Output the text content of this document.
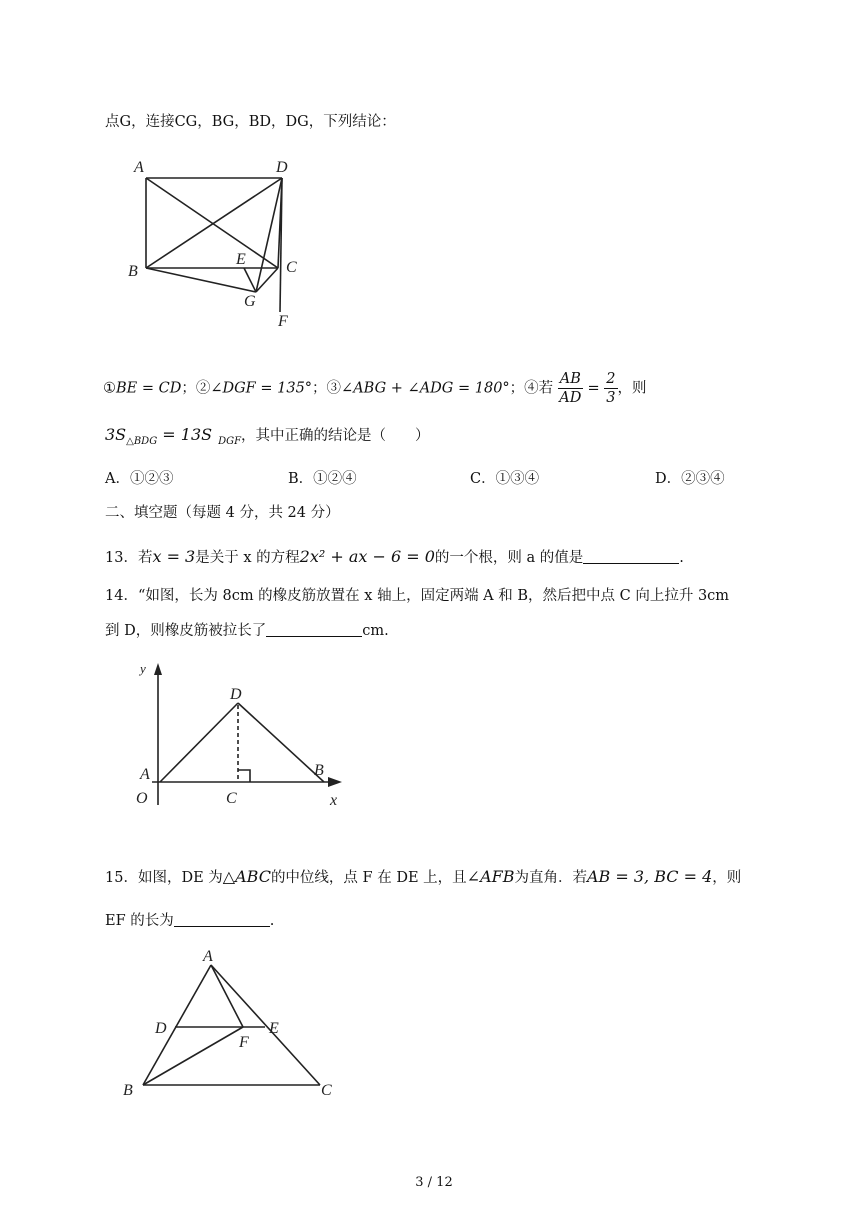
点G，连接CG，BG，BD，DG，下列结论：
A	D
B
E	C
G
F
①BE = CD；②∠DGF = 135°；③∠ABG + ∠ADG = 180°；④若 $\frac{AB}{AD} = \frac{2}{3}$ ，则
$3S_{\triangle BDG} = 13S$ $_{DGF}$，其中正确的结论是（　　）
A．①②③	B．①②④	C．①③④	D．②③④
二、填空题（每题 4 分，共 24 分）
13．若x = 3是关于 x 的方程2x² + ax − 6 = 0的一个根，则 a 的值是	.
14．“如图，长为 8cm 的橡皮筋放置在 x 轴上，固定两端 A 和 B，然后把中点 C 向上拉升 3cm
到 D，则橡皮筋被拉长了	cm.
y
D
A
O	C
B
x
15．如图，DE 为△ABC的中位线，点 F 在 DE 上，且∠AFB为直角．若AB = 3, BC = 4，则
EF 的长为	.
A
D	E
F
B	C
3 / 12
